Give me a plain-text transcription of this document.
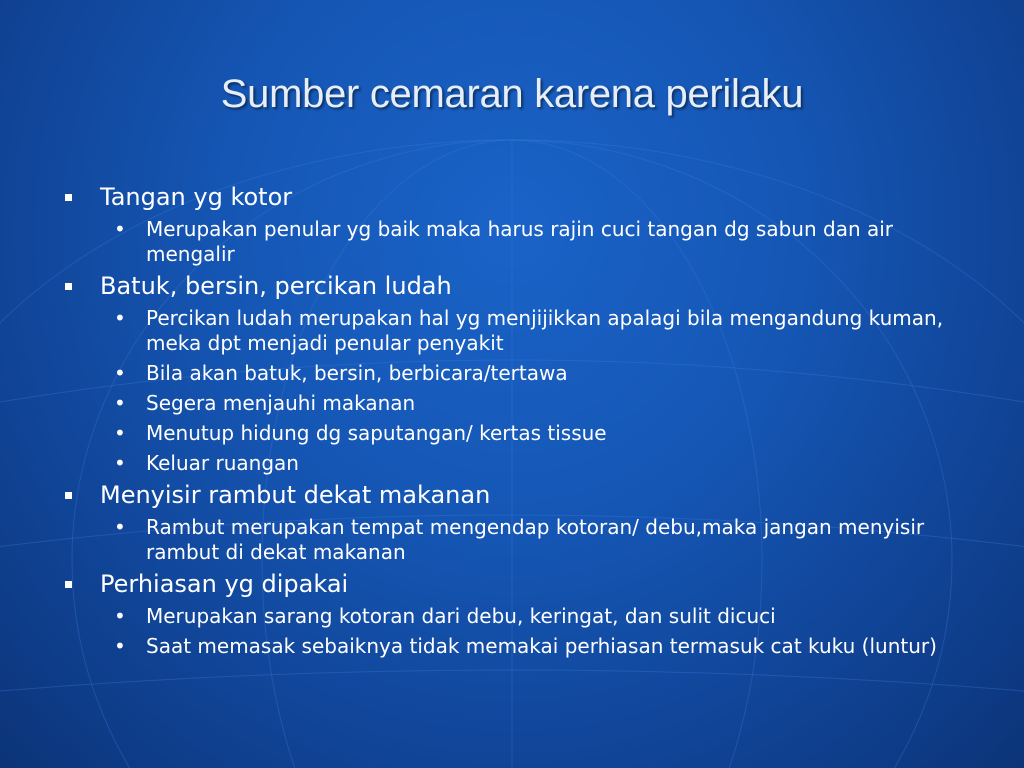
Sumber cemaran karena perilaku
Tangan yg kotor
• Merupakan penular yg baik maka harus rajin cuci tangan dg sabun dan air mengalir
Batuk, bersin, percikan ludah
• Percikan ludah merupakan hal yg menjijikkan apalagi bila mengandung kuman, meka dpt menjadi penular penyakit
• Bila akan batuk, bersin, berbicara/tertawa
• Segera menjauhi makanan
• Menutup hidung dg saputangan/ kertas tissue
• Keluar ruangan
Menyisir rambut dekat makanan
• Rambut merupakan tempat mengendap kotoran/ debu,maka jangan menyisir rambut di dekat makanan
Perhiasan yg dipakai
• Merupakan sarang kotoran dari debu, keringat, dan sulit dicuci
• Saat memasak sebaiknya tidak memakai perhiasan termasuk cat kuku (luntur)
